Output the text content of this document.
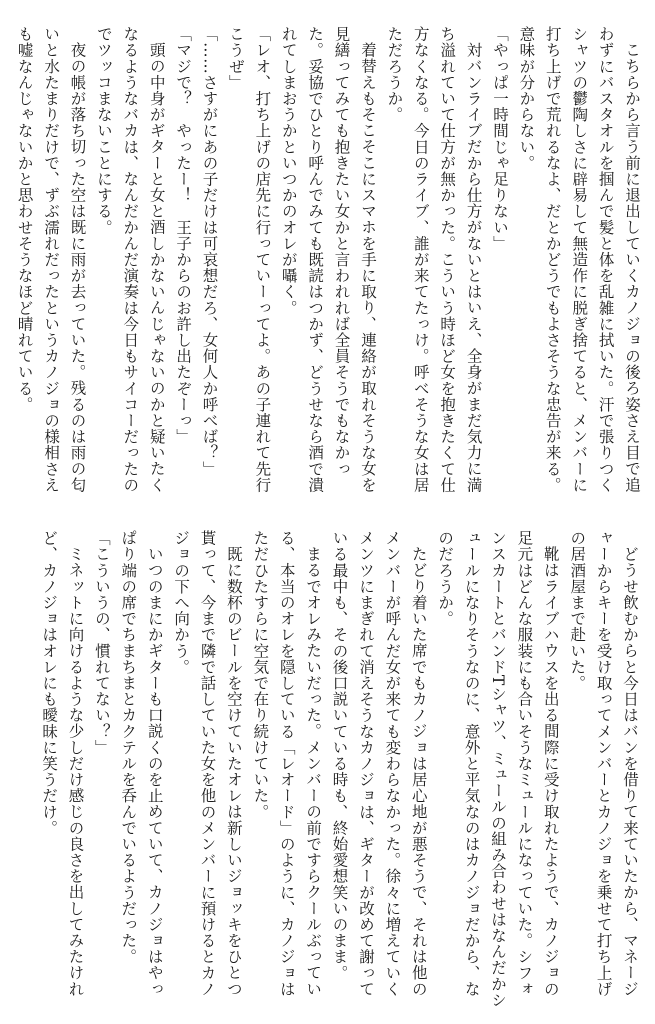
こちらから言う前に退出していくカノジョの後ろ姿さえ目で追わずにバスタオルを掴んで髪と体を乱雑に拭いた。汗で張りつくシャツの鬱陶しさに辟易して無造作に脱ぎ捨てると、メンバーに打ち上げで荒れるなよ、だとかどうでもよさそうな忠告が来る。意味が分からない。

「やっぱ一時間じゃ足りない」

対バンライブだから仕方がないとはいえ、全身がまだ気力に満ち溢れていて仕方が無かった。こういう時ほど女を抱きたくて仕方なくなる。今日のライブ、誰が来てたっけ。呼べそうな女は居ただろうか。

着替えもそこそこにスマホを手に取り、連絡が取れそうな女を見繕ってみても抱きたい女かと言われれば全員そうでもなかった。妥協でひとり呼んでみても既読はつかず、どうせなら酒で潰れてしまおうかといつかのオレが囁く。

「レオ、打ち上げの店先に行っていーってよ。あの子連れて先行こうぜ」

「……さすがにあの子だけは可哀想だろ、女何人か呼べば？」

「マジで？　やったー！　王子からのお許し出たぞーっ」

頭の中身がギターと女と酒しかないんじゃないのかと疑いたくなるようなバカは、なんだかんだ演奏は今日もサイコーだったのでツッコまないことにする。

夜の帳が落ち切った空は既に雨が去っていた。残るのは雨の匂いと水たまりだけで、ずぶ濡れだったというカノジョの様相さえも嘘なんじゃないかと思わせそうなほど晴れている。

どうせ飲むからと今日はバンを借りて来ていたから、マネージャーからキーを受け取ってメンバーとカノジョを乗せて打ち上げの居酒屋まで赴いた。

靴はライブハウスを出る間際に受け取れたようで、カノジョの足元はどんな服装にも合いそうなミュールになっていた。シフォンスカートとバンドTシャツ、ミュールの組み合わせはなんだかシュールになりそうなのに、意外と平気なのはカノジョだから、なのだろうか。

たどり着いた席でもカノジョは居心地が悪そうで、それは他のメンバーが呼んだ女が来ても変わらなかった。徐々に増えていくメンツにまぎれて消えそうなカノジョは、ギターが改めて謝っている最中も、その後口説いている時も、終始愛想笑いのまま。

まるでオレみたいだった。メンバーの前ですらクールぶっている、本当のオレを隠している「レオード」のように、カノジョはただひたすらに空気で在り続けていた。

既に数杯のビールを空けていたオレは新しいジョッキをひとつ貰って、今まで隣で話していた女を他のメンバーに預けるとカノジョの下へ向かう。

いつのまにかギターも口説くのを止めていて、カノジョはやっぱり端の席でちまちまとカクテルを呑んでいるようだった。

「こういうの、慣れてない？」

ミネットに向けるような少しだけ感じの良さを出してみたけれど、カノジョはオレにも曖昧に笑うだけ。
